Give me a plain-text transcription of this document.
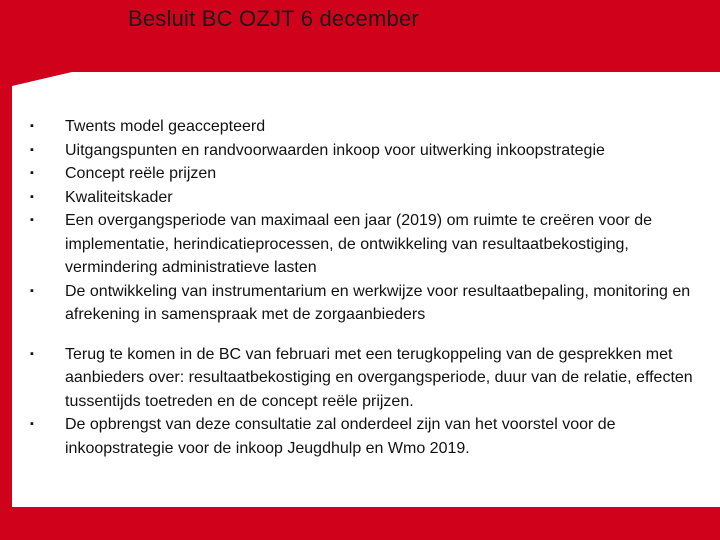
Besluit BC OZJT 6 december
▪	Twents model geaccepteerd
▪	Uitgangspunten en randvoorwaarden inkoop voor uitwerking inkoopstrategie
▪	Concept reële prijzen
▪	Kwaliteitskader
▪	Een overgangsperiode van maximaal een jaar (2019) om ruimte te creëren voor de implementatie, herindicatieprocessen, de ontwikkeling van resultaatbekostiging, vermindering administratieve lasten
▪	De ontwikkeling van instrumentarium en werkwijze voor resultaatbepaling, monitoring en afrekening in samenspraak met de zorgaanbieders
▪	Terug te komen in de BC van februari met een terugkoppeling van de gesprekken met aanbieders over: resultaatbekostiging en overgangsperiode, duur van de relatie, effecten tussentijds toetreden en de concept reële prijzen.
▪	De opbrengst van deze consultatie zal onderdeel zijn van het voorstel voor de inkoopstrategie voor de inkoop Jeugdhulp en Wmo 2019.
